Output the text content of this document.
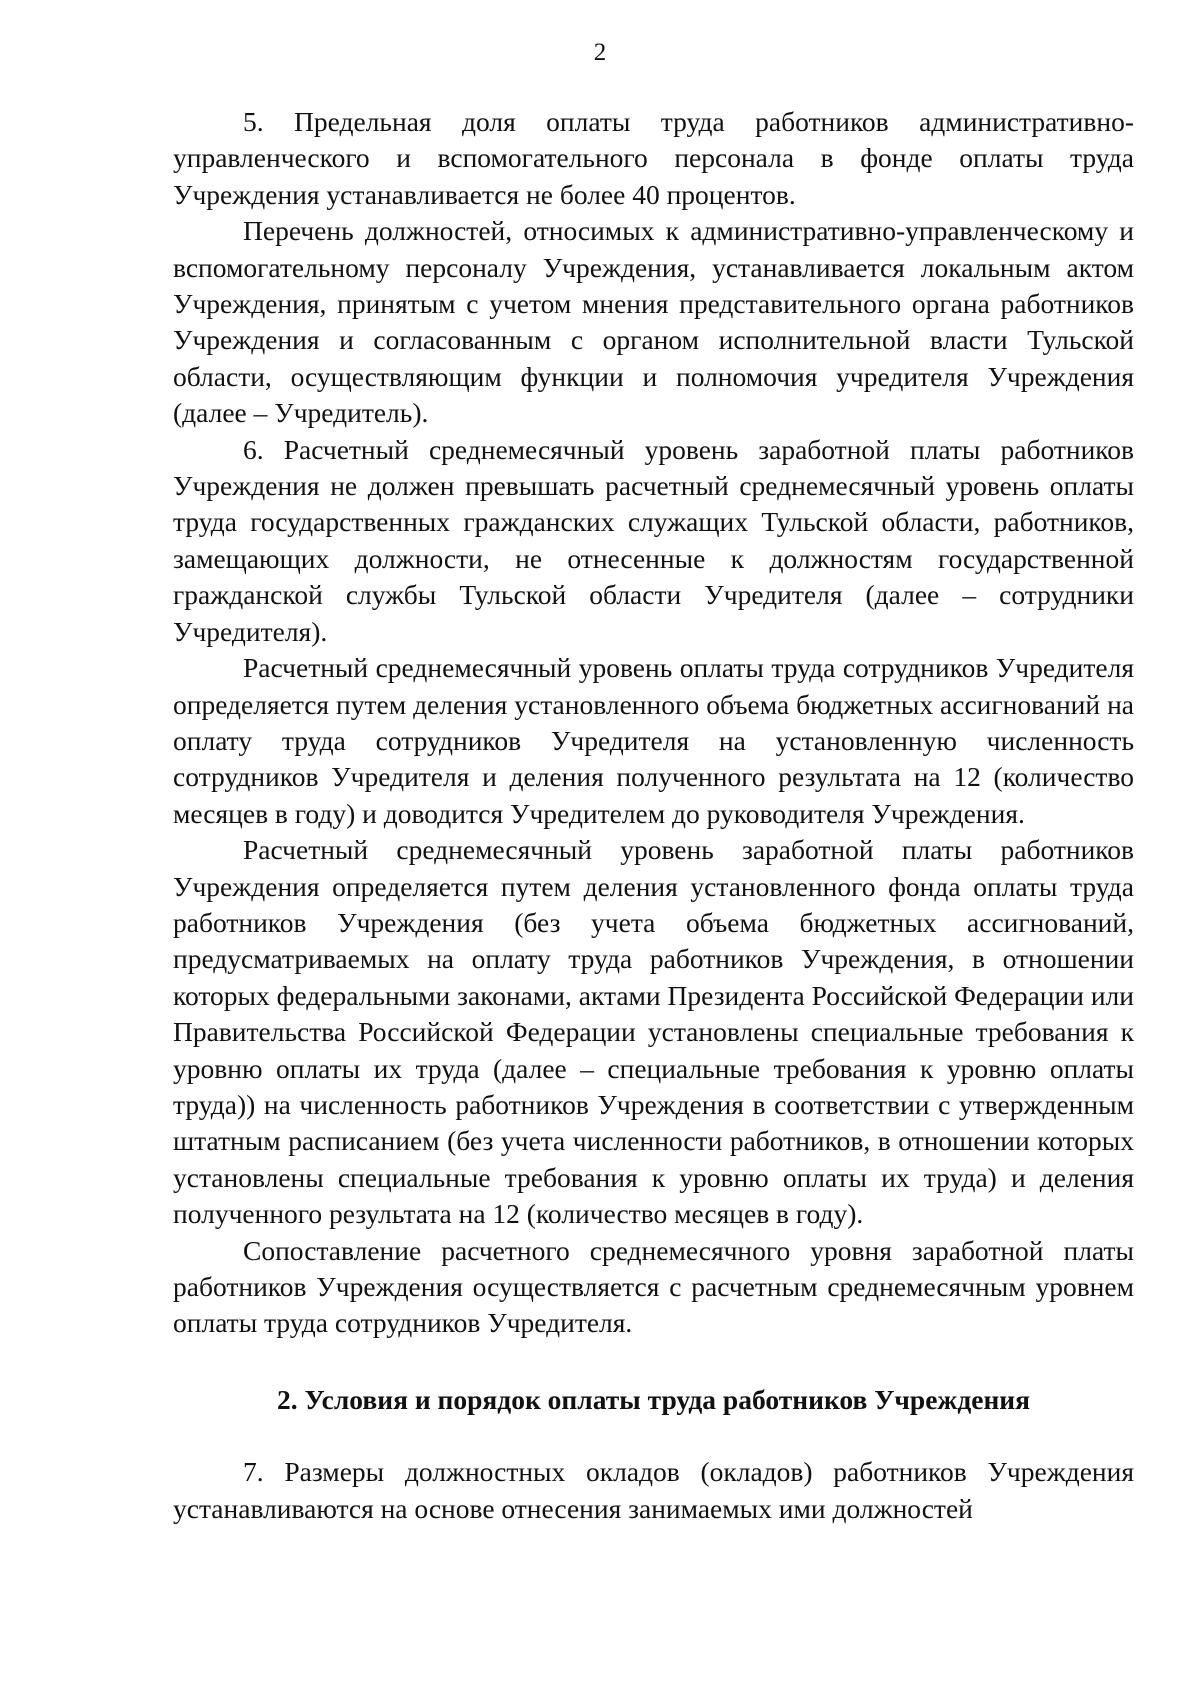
2

5. Предельная доля оплаты труда работников административно-управленческого и вспомогательного персонала в фонде оплаты труда Учреждения устанавливается не более 40 процентов.

Перечень должностей, относимых к административно-управленческому и вспомогательному персоналу Учреждения, устанавливается локальным актом Учреждения, принятым с учетом мнения представительного органа работников Учреждения и согласованным с органом исполнительной власти Тульской области, осуществляющим функции и полномочия учредителя Учреждения (далее – Учредитель).

6. Расчетный среднемесячный уровень заработной платы работников Учреждения не должен превышать расчетный среднемесячный уровень оплаты труда государственных гражданских служащих Тульской области, работников, замещающих должности, не отнесенные к должностям государственной гражданской службы Тульской области Учредителя (далее – сотрудники Учредителя).

Расчетный среднемесячный уровень оплаты труда сотрудников Учредителя определяется путем деления установленного объема бюджетных ассигнований на оплату труда сотрудников Учредителя на установленную численность сотрудников Учредителя и деления полученного результата на 12 (количество месяцев в году) и доводится Учредителем до руководителя Учреждения.

Расчетный среднемесячный уровень заработной платы работников Учреждения определяется путем деления установленного фонда оплаты труда работников Учреждения (без учета объема бюджетных ассигнований, предусматриваемых на оплату труда работников Учреждения, в отношении которых федеральными законами, актами Президента Российской Федерации или Правительства Российской Федерации установлены специальные требования к уровню оплаты их труда (далее – специальные требования к уровню оплаты труда)) на численность работников Учреждения в соответствии с утвержденным штатным расписанием (без учета численности работников, в отношении которых установлены специальные требования к уровню оплаты их труда) и деления полученного результата на 12 (количество месяцев в году).

Сопоставление расчетного среднемесячного уровня заработной платы работников Учреждения осуществляется с расчетным среднемесячным уровнем оплаты труда сотрудников Учредителя.

2. Условия и порядок оплаты труда работников Учреждения

7. Размеры должностных окладов (окладов) работников Учреждения устанавливаются на основе отнесения занимаемых ими должностей
